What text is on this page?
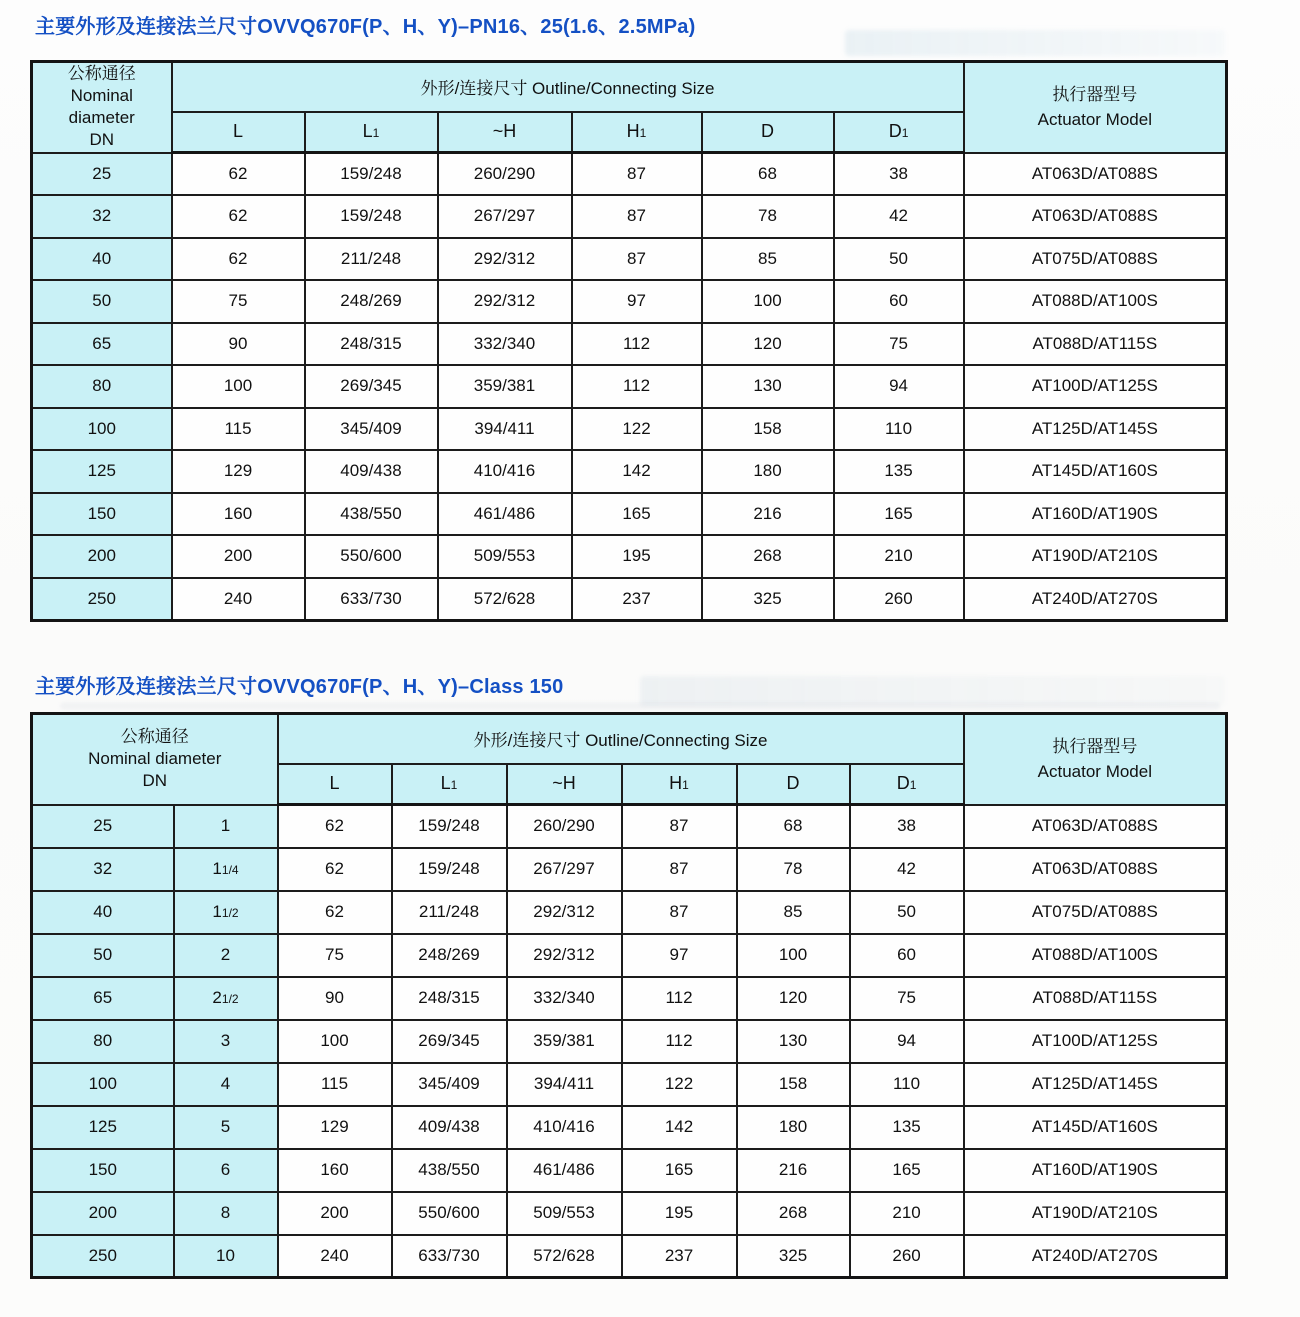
主要外形及连接法兰尺寸OVVQ670F(P、H、Y)–PN16、25(1.6、2.5MPa)
公称通径
Nominal
diameter
DN
	外形/连接尺寸 Outline/Connecting Size	执行器型号
Actuator Model

	L	L1	~H	H1	D	D1	
25	62	159/248	260/290	87	68	38	AT063D/AT088S
32	62	159/248	267/297	87	78	42	AT063D/AT088S
40	62	211/248	292/312	87	85	50	AT075D/AT088S
50	75	248/269	292/312	97	100	60	AT088D/AT100S
65	90	248/315	332/340	112	120	75	AT088D/AT115S
80	100	269/345	359/381	112	130	94	AT100D/AT125S
100	115	345/409	394/411	122	158	110	AT125D/AT145S
125	129	409/438	410/416	142	180	135	AT145D/AT160S
150	160	438/550	461/486	165	216	165	AT160D/AT190S
200	200	550/600	509/553	195	268	210	AT190D/AT210S
250	240	633/730	572/628	237	325	260	AT240D/AT270S
主要外形及连接法兰尺寸OVVQ670F(P、H、Y)–Class 150
公称通径
Nominal diameter
DN
	外形/连接尺寸 Outline/Connecting Size	执行器型号
Actuator Model

		L	L1	~H	H1	D	D1	
25	1	62	159/248	260/290	87	68	38	AT063D/AT088S
32	11/4	62	159/248	267/297	87	78	42	AT063D/AT088S
40	11/2	62	211/248	292/312	87	85	50	AT075D/AT088S
50	2	75	248/269	292/312	97	100	60	AT088D/AT100S
65	21/2	90	248/315	332/340	112	120	75	AT088D/AT115S
80	3	100	269/345	359/381	112	130	94	AT100D/AT125S
100	4	115	345/409	394/411	122	158	110	AT125D/AT145S
125	5	129	409/438	410/416	142	180	135	AT145D/AT160S
150	6	160	438/550	461/486	165	216	165	AT160D/AT190S
200	8	200	550/600	509/553	195	268	210	AT190D/AT210S
250	10	240	633/730	572/628	237	325	260	AT240D/AT270S
